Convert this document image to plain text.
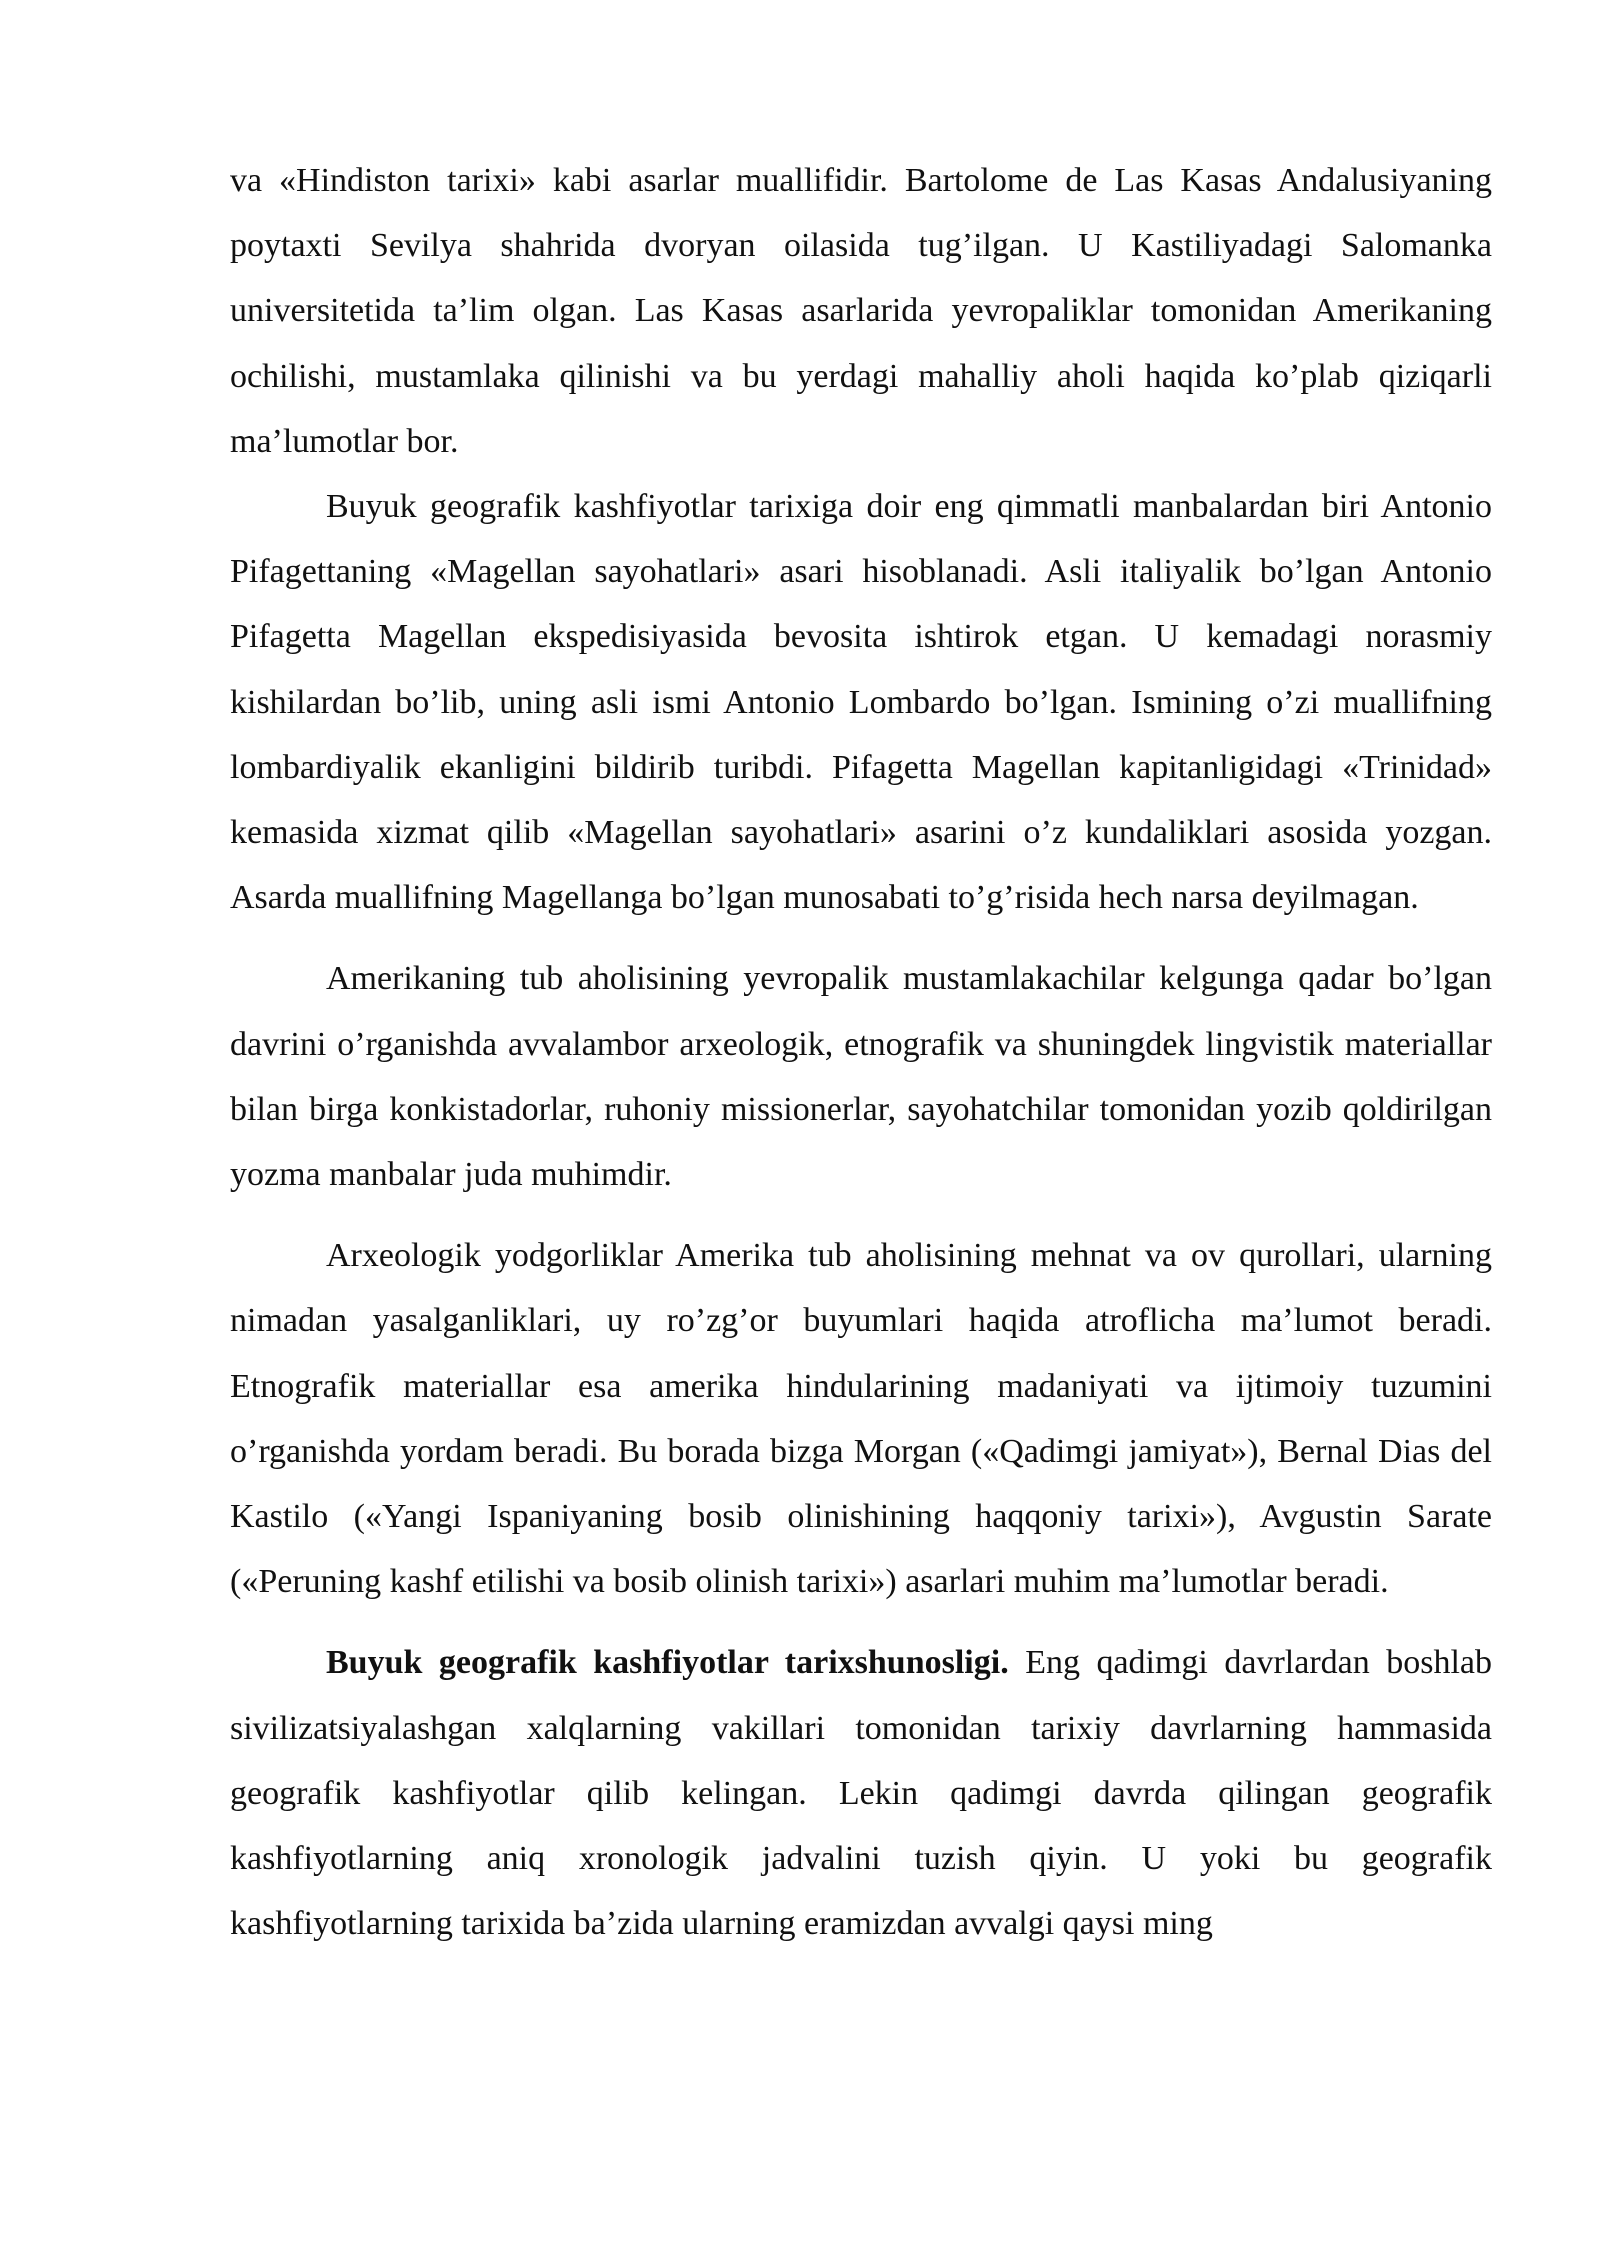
va «Hindiston tarixi» kabi asarlar muallifidir. Bartolome de Las Kasas Andalusiyaning poytaxti Sevilya shahrida dvoryan oilasida tug’ilgan. U Kastiliyadagi Salomanka universitetida ta’lim olgan. Las Kasas asarlarida yevropaliklar tomonidan Amerikaning ochilishi, mustamlaka qilinishi va bu yerdagi mahalliy aholi haqida ko’plab qiziqarli ma’lumotlar bor.

Buyuk geografik kashfiyotlar tarixiga doir eng qimmatli manbalardan biri Antonio Pifagettaning «Magellan sayohatlari» asari hisoblanadi. Asli italiyalik bo’lgan Antonio Pifagetta Magellan ekspedisiyasida bevosita ishtirok etgan. U kemadagi norasmiy kishilardan bo’lib, uning asli ismi Antonio Lombardo bo’lgan. Ismining o’zi muallifning lombardiyalik ekanligini bildirib turibdi. Pifagetta Magellan kapitanligidagi «Trinidad» kemasida xizmat qilib «Magellan sayohatlari» asarini o’z kundaliklari asosida yozgan. Asarda muallifning Magellanga bo’lgan munosabati to’g’risida hech narsa deyilmagan.

Amerikaning tub aholisining yevropalik mustamlakachilar kelgunga qadar bo’lgan davrini o’rganishda avvalambor arxeologik, etnografik va shuningdek lingvistik materiallar bilan birga konkistadorlar, ruhoniy missionerlar, sayohatchilar tomonidan yozib qoldirilgan yozma manbalar juda muhimdir.

Arxeologik yodgorliklar Amerika tub aholisining mehnat va ov qurollari, ularning nimadan yasalganliklari, uy ro’zg’or buyumlari haqida atroflicha ma’lumot beradi. Etnografik materiallar esa amerika hindularining madaniyati va ijtimoiy tuzumini o’rganishda yordam beradi. Bu borada bizga Morgan («Qadimgi jamiyat»), Bernal Dias del Kastilo («Yangi Ispaniyaning bosib olinishining haqqoniy tarixi»), Avgustin Sarate («Peruning kashf etilishi va bosib olinish tarixi») asarlari muhim ma’lumotlar beradi.

Buyuk geografik kashfiyotlar tarixshunosligi. Eng qadimgi davrlardan boshlab sivilizatsiyalashgan xalqlarning vakillari tomonidan tarixiy davrlarning hammasida geografik kashfiyotlar qilib kelingan. Lekin qadimgi davrda qilingan geografik kashfiyotlarning aniq xronologik jadvalini tuzish qiyin. U yoki bu geografik kashfiyotlarning tarixida ba’zida ularning eramizdan avvalgi qaysi ming
